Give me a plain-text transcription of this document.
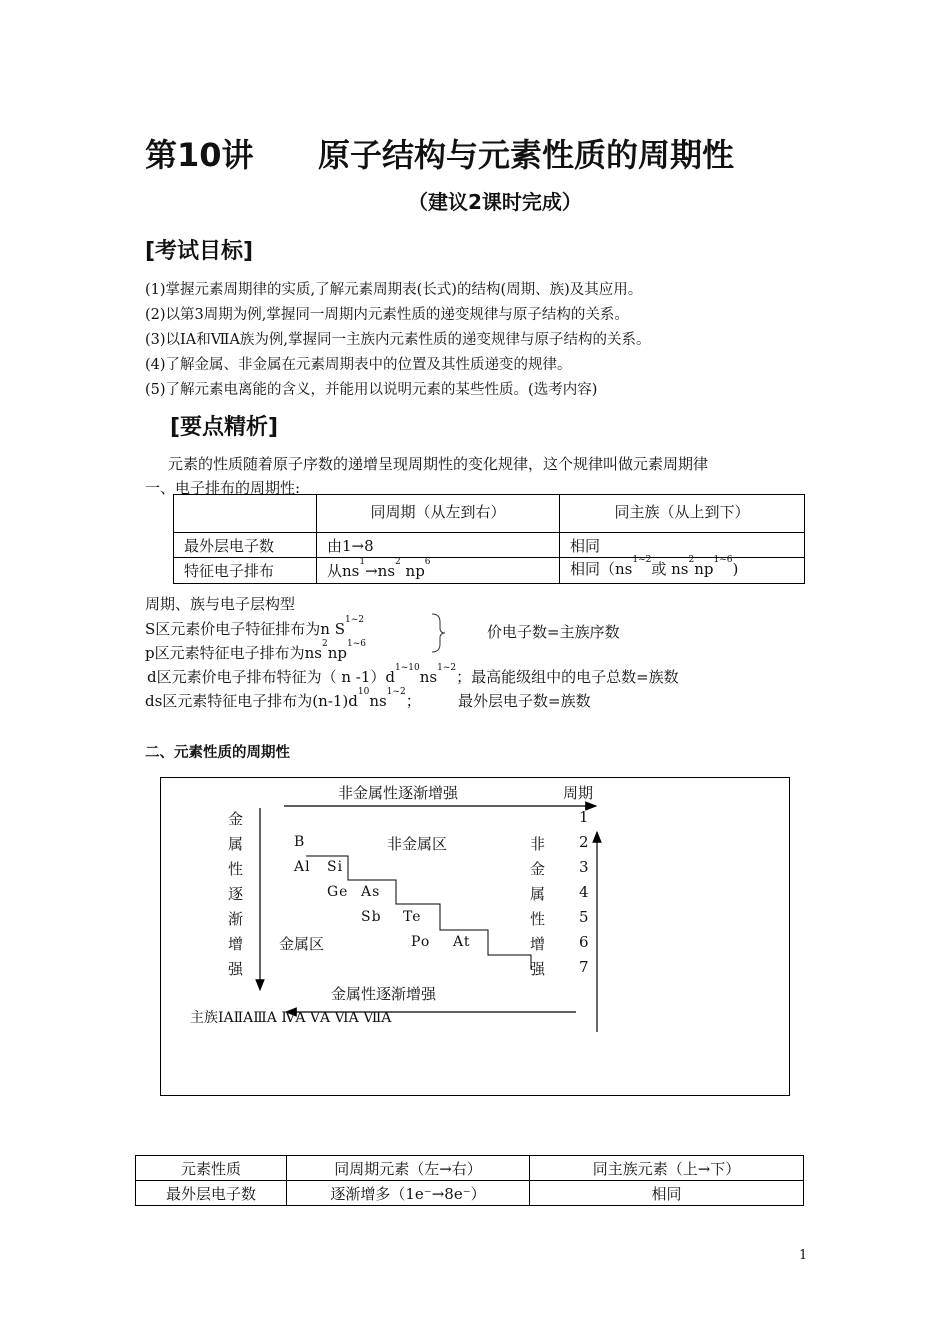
第10讲 原子结构与元素性质的周期性
（建议2课时完成）
[考试目标]
(1)掌握元素周期律的实质,了解元素周期表(长式)的结构(周期、族)及其应用。
(2)以第3周期为例,掌握同一周期内元素性质的递变规律与原子结构的关系。
(3)以ⅠA和ⅦA族为例,掌握同一主族内元素性质的递变规律与原子结构的关系。
(4)了解金属、非金属在元素周期表中的位置及其性质递变的规律。
(5)了解元素电离能的含义，并能用以说明元素的某些性质。(选考内容)
[要点精析]
元素的性质随着原子序数的递增呈现周期性的变化规律，这个规律叫做元素周期律
一、电子排布的周期性:
	同周期（从左到右）	同主族（从上到下）
最外层电子数	由1→8	相同
特征电子排布	从$ns^1\to ns^2$ $np^6$	相同（$ns^{1\sim 2}$或 $ns^2np^{1\sim 6}$)
周期、族与电子层构型
S区元素价电子特征排布为n $S^{1\sim 2}$
p区元素特征电子排布为$ns^2np^{1\sim 6}$
价电子数=主族序数
d区元素价电子排布特征为（ n $-1)d^{1\sim 10}ns^{1\sim 2}$；最高能级组中的电子总数=族数
ds区元素特征电子排布为$(n-1)d^{10}ns^{1\sim 2}$； 最外层电子数=族数
二、元素性质的周期性
非金属性逐渐增强	周期
金
属
性
逐
渐
增
强
非
金
属
性
增
强
1
2
3
4
5
6
7
B	非金属区
Al Si
Ge As
Sb Te
金属区	Po At
金属性逐渐增强
主族ⅠAⅡAⅢA ⅣA ⅤA ⅥA ⅦA
元素性质	同周期元素（左→右）	同主族元素（上→下）
最外层电子数	逐渐增多（1e⁻→8e⁻）	相同
1
